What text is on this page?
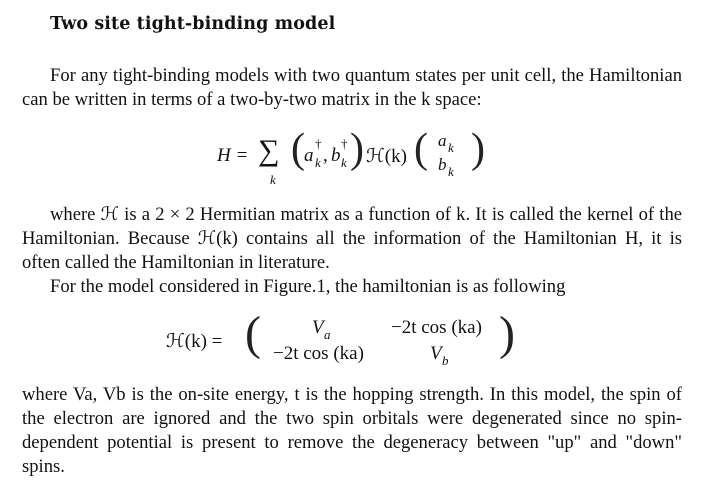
Two site tight-binding model

For any tight-binding models with two quantum states per unit cell, the Hamiltonian can be written in terms of a two-by-two matrix in the k space:

H = ∑
k
( a
†
k , b
†
k ) ℋ(k) ( a k
b k )

where ℋ is a 2 × 2 Hermitian matrix as a function of k. It is called the kernel of the Hamiltonian. Because ℋ(k) contains all the information of the Hamiltonian H, it is often called the Hamiltonian in literature.

For the model considered in Figure.1, the hamiltonian is as following

ℋ(k) = (	V a	−2t cos (ka)
−2t cos (ka)	V b
)

where Va, Vb is the on-site energy, t is the hopping strength. In this model, the spin of the electron are ignored and the two spin orbitals were degenerated since no spin-dependent potential is present to remove the degeneracy between "up" and "down" spins.
